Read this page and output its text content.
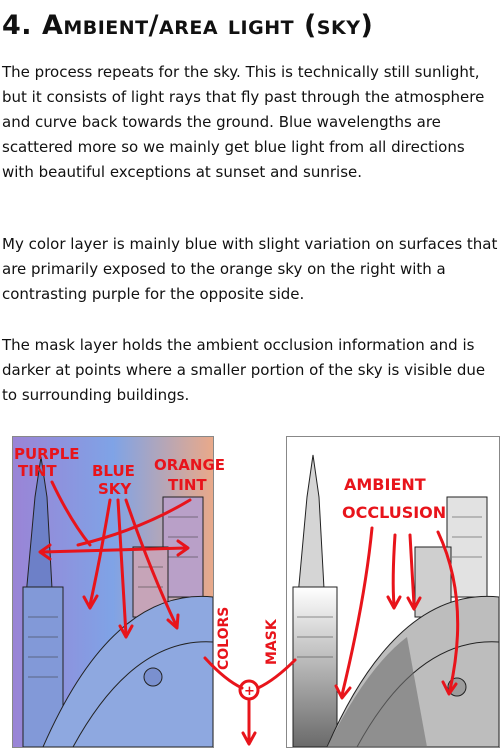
4. Ambient/area light (sky)

The process repeats for the sky. This is technically still sunlight, but it consists of light rays that fly past through the atmosphere and curve back towards the ground. Blue wavelengths are scattered more so we mainly get blue light from all directions with beautiful exceptions at sunset and sunrise.

My color layer is mainly blue with slight variation on surfaces that are primarily exposed to the orange sky on the right with a contrasting purple for the opposite side.

The mask layer holds the ambient occlusion information and is darker at points where a smaller portion of the sky is visible due to surrounding buildings.

PURPLE
TINT BLUE
SKY
ORANGE
TINT	AMBIENT
OCCLUSION
COLORS MASK
+
